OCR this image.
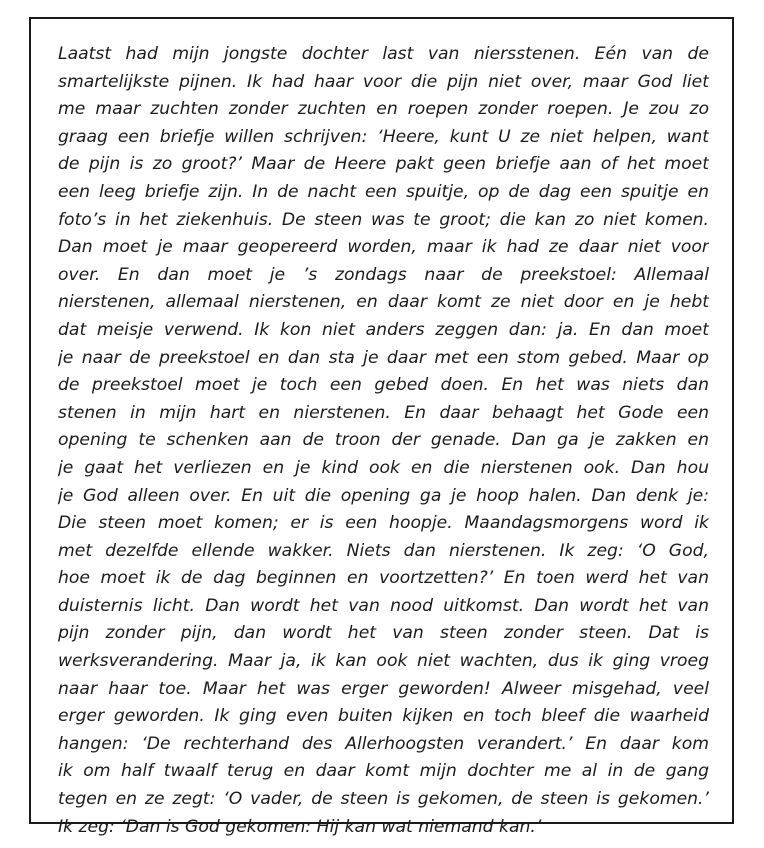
Laatst had mijn jongste dochter last van niersstenen. Eén van de
smartelijkste pijnen. Ik had haar voor die pijn niet over, maar God liet
me maar zuchten zonder zuchten en roepen zonder roepen. Je zou zo
graag een briefje willen schrijven: ‘Heere, kunt U ze niet helpen, want
de pijn is zo groot?’ Maar de Heere pakt geen briefje aan of het moet
een leeg briefje zijn. In de nacht een spuitje, op de dag een spuitje en
foto’s in het ziekenhuis. De steen was te groot; die kan zo niet komen.
Dan moet je maar geopereerd worden, maar ik had ze daar niet voor
over. En dan moet je ’s zondags naar de preekstoel: Allemaal
nierstenen, allemaal nierstenen, en daar komt ze niet door en je hebt
dat meisje verwend. Ik kon niet anders zeggen dan: ja. En dan moet
je naar de preekstoel en dan sta je daar met een stom gebed. Maar op
de preekstoel moet je toch een gebed doen. En het was niets dan
stenen in mijn hart en nierstenen. En daar behaagt het Gode een
opening te schenken aan de troon der genade. Dan ga je zakken en
je gaat het verliezen en je kind ook en die nierstenen ook. Dan hou
je God alleen over. En uit die opening ga je hoop halen. Dan denk je:
Die steen moet komen; er is een hoopje. Maandagsmorgens word ik
met dezelfde ellende wakker. Niets dan nierstenen. Ik zeg: ‘O God,
hoe moet ik de dag beginnen en voortzetten?’ En toen werd het van
duisternis licht. Dan wordt het van nood uitkomst. Dan wordt het van
pijn zonder pijn, dan wordt het van steen zonder steen. Dat is
werksverandering. Maar ja, ik kan ook niet wachten, dus ik ging vroeg
naar haar toe. Maar het was erger geworden! Alweer misgehad, veel
erger geworden. Ik ging even buiten kijken en toch bleef die waarheid
hangen: ‘De rechterhand des Allerhoogsten verandert.’ En daar kom
ik om half twaalf terug en daar komt mijn dochter me al in de gang
tegen en ze zegt: ‘O vader, de steen is gekomen, de steen is gekomen.’
Ik zeg: ‘Dan is God gekomen: Hij kan wat niemand kan.’
